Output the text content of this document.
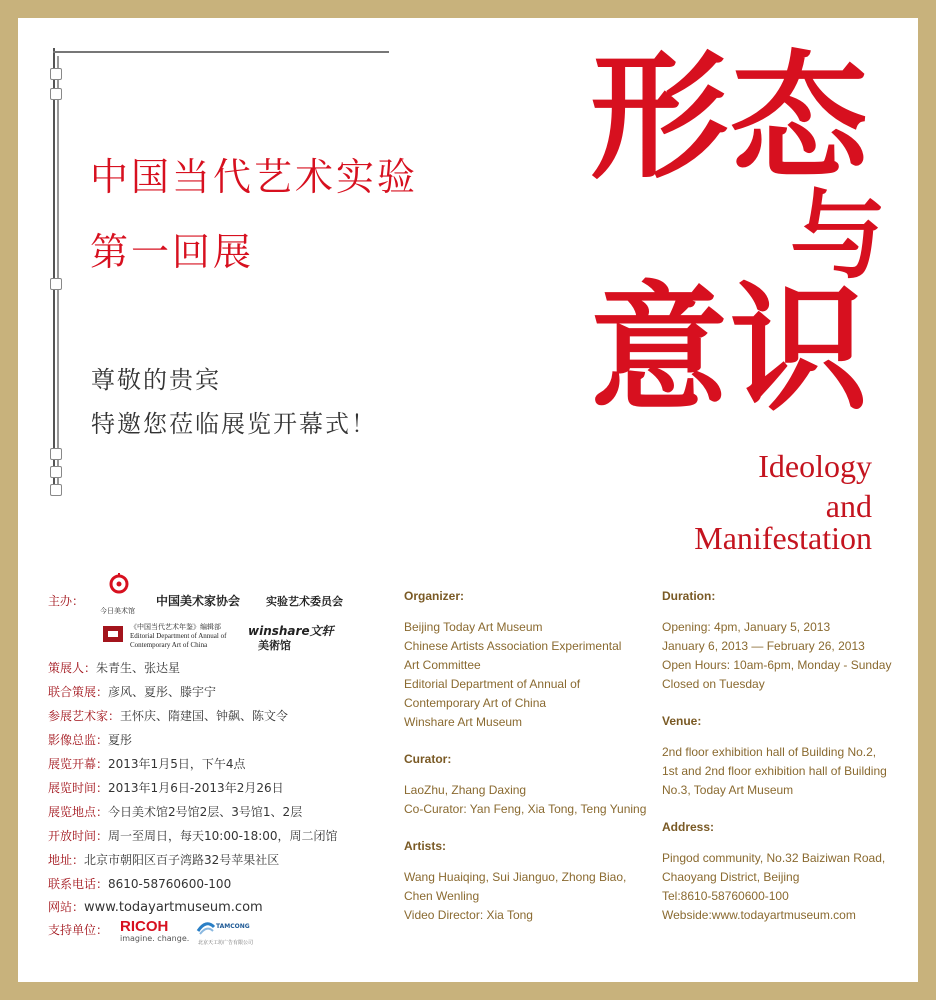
中国当代艺术实验
第一回展
尊敬的贵宾
特邀您莅临展览开幕式！
形 态
与
意 识
Ideology
and
Manifestation
主办：
今日美术馆
中国美术家协会 实验艺术委员会
《中国当代艺术年鉴》编辑部
Editorial Department of Annual of
Contemporary Art of China
winshare文轩
美術馆
策展人：朱青生、张达星
联合策展：彦风、夏彤、滕宇宁
参展艺术家：王怀庆、隋建国、钟飙、陈文令
影像总监：夏彤
展览开幕：2013年1月5日，下午4点
展览时间：2013年1月6日-2013年2月26日
展览地点：今日美术馆2号馆2层、3号馆1、2层
开放时间：周一至周日，每天10:00-18:00，周二闭馆
地址：北京市朝阳区百子湾路32号苹果社区
联系电话：8610-58760600-100
网站：www.todayartmuseum.com
支持单位： RICOH
imagine. change.
TAMCONG
北京天工坊广告有限公司
Organizer:
Beijing Today Art Museum
Chinese Artists Association Experimental
Art Committee
Editorial Department of Annual of
Contemporary Art of China
Winshare Art Museum
Curator:
LaoZhu, Zhang Daxing
Co-Curator: Yan Feng, Xia Tong, Teng Yuning
Artists:
Wang Huaiqing, Sui Jianguo, Zhong Biao,
Chen Wenling
Video Director: Xia Tong
Duration:
Opening: 4pm, January 5, 2013
January 6, 2013 — February 26, 2013
Open Hours: 10am-6pm, Monday - Sunday
Closed on Tuesday
Venue:
2nd floor exhibition hall of Building No.2,
1st and 2nd floor exhibition hall of Building
No.3, Today Art Museum
Address:
Pingod community, No.32 Baiziwan Road,
Chaoyang District, Beijing
Tel:8610-58760600-100
Webside:www.todayartmuseum.com
